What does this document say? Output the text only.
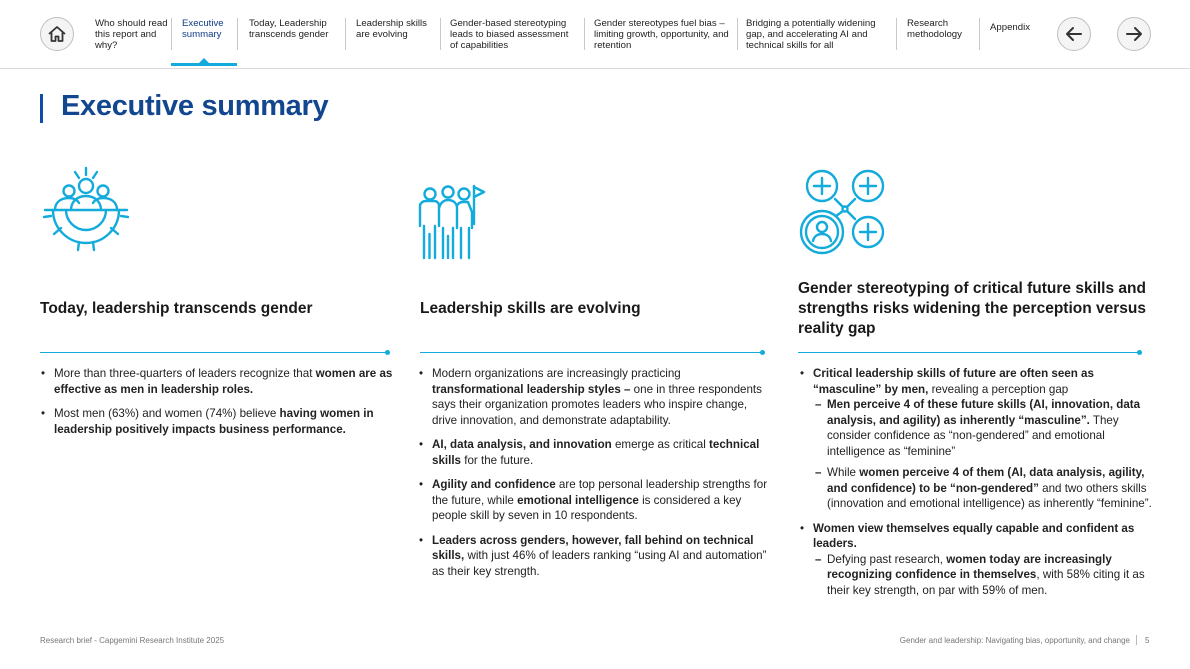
Who should read this report and why?
Executive summary
Today, Leadership transcends gender
Leadership skills are evolving
Gender-based stereotyping leads to biased assessment of capabilities
Gender stereotypes fuel bias – limiting growth, opportunity, and retention
Bridging a potentially widening gap, and accelerating AI and technical skills for all
Research methodology
Appendix
Executive summary
Today, leadership transcends gender
• More than three-quarters of leaders recognize that women are as effective as men in leadership roles.
• Most men (63%) and women (74%) believe having women in leadership positively impacts business performance.
Leadership skills are evolving
• Modern organizations are increasingly practicing transformational leadership styles – one in three respondents says their organization promotes leaders who inspire change, drive innovation, and demonstrate adaptability.
• AI, data analysis, and innovation emerge as critical technical skills for the future.
• Agility and confidence are top personal leadership strengths for the future, while emotional intelligence is considered a key people skill by seven in 10 respondents.
• Leaders across genders, however, fall behind on technical skills, with just 46% of leaders ranking “using AI and automation” as their key strength.
Gender stereotyping of critical future skills and strengths risks widening the perception versus reality gap
• Critical leadership skills of future are often seen as “masculine” by men, revealing a perception gap
– Men perceive 4 of these future skills (AI, innovation, data analysis, and agility) as inherently “masculine”. They consider confidence as “non-gendered” and emotional intelligence as “feminine”
– While women perceive 4 of them (AI, data analysis, agility, and confidence) to be “non-gendered” and two others skills (innovation and emotional intelligence) as inherently “feminine”.
• Women view themselves equally capable and confident as leaders.
– Defying past research, women today are increasingly recognizing confidence in themselves, with 58% citing it as their key strength, on par with 59% of men.
Research brief - Capgemini Research Institute 2025	Gender and leadership: Navigating bias, opportunity, and change 5
